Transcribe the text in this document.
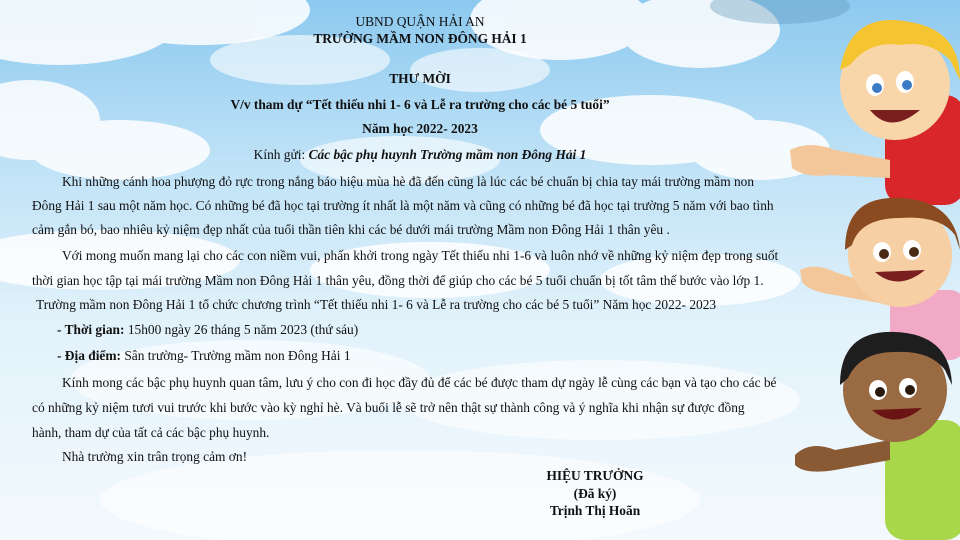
UBND QUẬN HẢI AN
TRƯỜNG MẦM NON ĐÔNG HẢI 1
THƯ MỜI
V/v tham dự “Tết thiếu nhi 1- 6 và Lễ ra trường cho các bé 5 tuổi”
Năm học 2022- 2023
Kính gửi: Các bậc phụ huynh Trường mầm non Đông Hải 1
Khi những cánh hoa phượng đỏ rực trong nắng báo hiệu mùa hè đã đến cũng là lúc các bé chuẩn bị chia tay mái trường mầm non
Đông Hải 1 sau một năm học. Có những bé đã học tại trường ít nhất là một năm và cũng có những bé đã học tại trường 5 năm với bao tình
cảm gắn bó, bao nhiêu kỷ niệm đẹp nhất của tuổi thần tiên khi các bé dưới mái trường Mầm non Đông Hải 1 thân yêu .
Với mong muốn mang lại cho các con niềm vui, phấn khởi trong ngày Tết thiếu nhi 1-6 và luôn nhớ về những kỷ niệm đẹp trong suốt
thời gian học tập tại mái trường Mầm non Đông Hải 1 thân yêu, đồng thời để giúp cho các bé 5 tuổi chuẩn bị tốt tâm thế bước vào lớp 1.
Trường mầm non Đông Hải 1 tổ chức chương trình “Tết thiếu nhi 1- 6 và Lễ ra trường cho các bé 5 tuổi” Năm học 2022- 2023
- Thời gian: 15h00 ngày 26 tháng 5 năm 2023 (thứ sáu)
- Địa điểm: Sân trường- Trường mầm non Đông Hải 1
Kính mong các bậc phụ huynh quan tâm, lưu ý cho con đi học đầy đủ để các bé được tham dự ngày lễ cùng các bạn và tạo cho các bé
có những kỷ niệm tươi vui trước khi bước vào kỳ nghỉ hè. Và buổi lễ sẽ trở nên thật sự thành công và ý nghĩa khi nhận sự được đồng
hành, tham dự của tất cả các bậc phụ huynh.
Nhà trường xin trân trọng cảm ơn!
HIỆU TRƯỞNG
(Đã ký)
Trịnh Thị Hoãn
